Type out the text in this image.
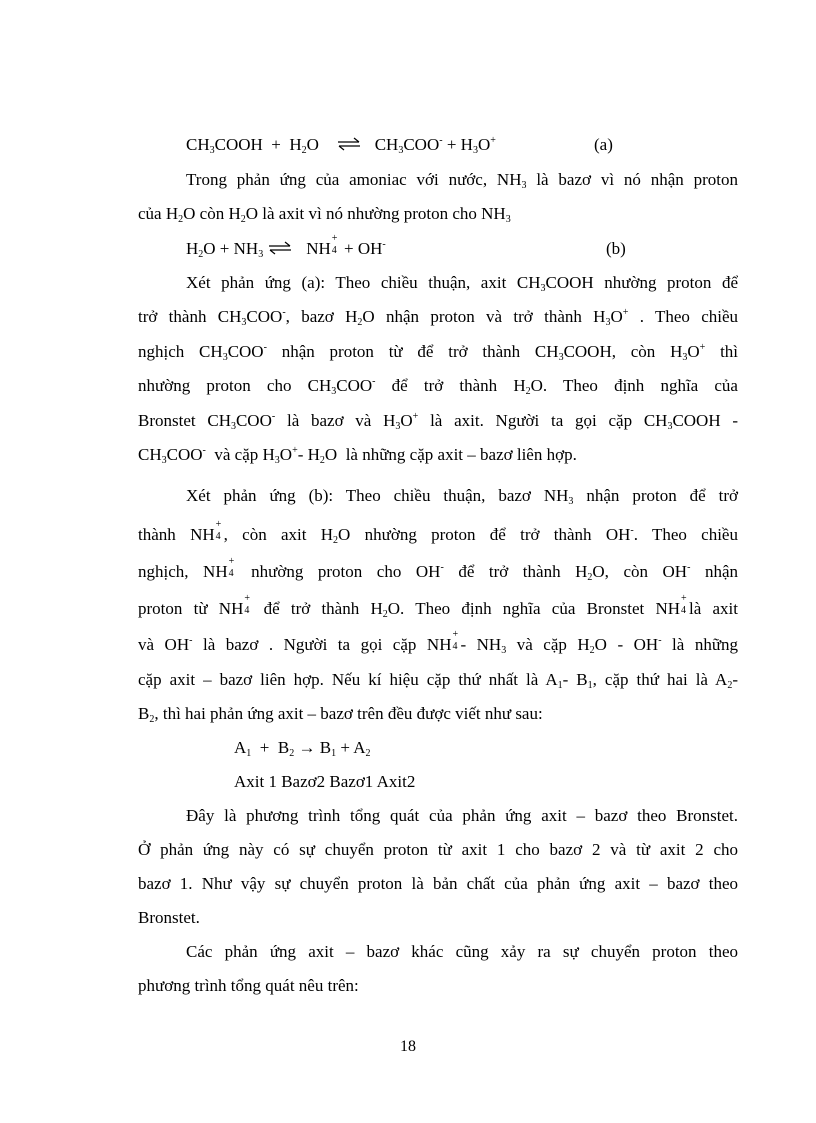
$CH_3COOH + H_2O$ ⇌ $CH_3COO^- + H_3O^+$	(a)
Trong phản ứng của amoniac với nước, $NH_3$ là bazơ vì nó nhận proton
của $H_2O$ còn $H_2O$ là axit vì nó nhường proton cho $NH_3$
$H_2O + NH_3$ ⇌ NH
+
4 + OH-	(b)
Xét phản ứng (a): Theo chiều thuận, axit $CH_3COOH$ nhường proton để
trở thành $CH_3COO^-$, bazơ $H_2O$ nhận proton và trở thành $H_3O^+$ . Theo chiều
nghịch $CH_3COO^-$ nhận proton từ để trở thành $CH_3COOH$, còn $H_3O^+$ thì
nhường proton cho $CH_3COO^-$ để trở thành $H_2O$. Theo định nghĩa của
Bronstet $CH_3COO^-$ là bazơ và $H_3O^+$ là axit. Người ta gọi cặp $CH_3COOH$ -
$CH_3COO^-$ và cặp $H_3O^+-$ $H_2O$  là những cặp axit – bazơ liên hợp.
Xét phản ứng (b): Theo chiều thuận, bazơ $NH_3$ nhận proton để trở
thành NH
+
4 , còn axit $H_2O$ nhường proton để trở thành OH-. Theo chiều
nghịch, NH
+
4 nhường proton cho OH- để trở thành $H_2O$, còn OH- nhận
proton từ NH
+
4 để trở thành $H_2O$. Theo định nghĩa của Bronstet NH
+
4 là axit
và OH- là bazơ . Người ta gọi cặp NH
+
$4 - NH_3$ và cặp $H_2O - OH^-$ là những
cặp axit – bazơ liên hợp. Nếu kí hiệu cặp thứ nhất là $A_1-$ $B_1$, cặp thứ hai là $A_2-$
$B_2$, thì hai phản ứng axit – bazơ trên đều được viết như sau:
$A_1 + B_2 \to B_1 + A_2$
Axit 1 Bazơ2 Bazơ1 Axit2
Đây là phương trình tổng quát của phản ứng axit – bazơ theo Bronstet.
Ở phản ứng này có sự chuyển proton từ axit 1 cho bazơ 2 và từ axit 2 cho
bazơ 1. Như vậy sự chuyển proton là bản chất của phản ứng axit – bazơ theo
Bronstet.
Các phản ứng axit – bazơ khác cũng xảy ra sự chuyển proton theo
phương trình tổng quát nêu trên:
18
